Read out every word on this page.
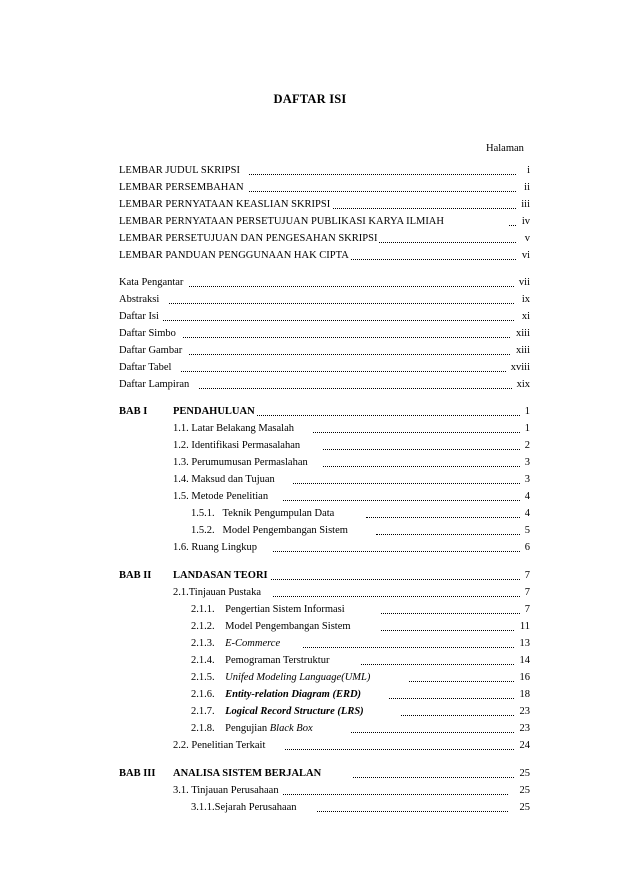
DAFTAR ISI
Halaman
LEMBAR JUDUL SKRIPSI	i
LEMBAR PERSEMBAHAN	ii
LEMBAR PERNYATAAN KEASLIAN SKRIPSI	iii
LEMBAR PERNYATAAN PERSETUJUAN PUBLIKASI KARYA ILMIAH	iv
LEMBAR PERSETUJUAN DAN PENGESAHAN SKRIPSI	v
LEMBAR PANDUAN PENGGUNAAN HAK CIPTA	vi
Kata Pengantar	vii
Abstraksi	ix
Daftar Isi	xi
Daftar Simbo	xiii
Daftar Gambar	xiii
Daftar Tabel	xviii
Daftar Lampiran	xix
BAB I PENDAHULUAN	1
1.1. Latar Belakang Masalah	1
1.2. Identifikasi Permasalahan	2
1.3. Perumumusan Permaslahan	3
1.4. Maksud dan Tujuan	3
1.5. Metode Penelitian	4
1.5.1. Teknik Pengumpulan Data	4
1.5.2. Model Pengembangan Sistem	5
1.6. Ruang Lingkup	6
BAB II LANDASAN TEORI	7
2.1.Tinjauan Pustaka	7
2.1.1. Pengertian Sistem Informasi	7
2.1.2. Model Pengembangan Sistem	11
2.1.3. E-Commerce	13
2.1.4. Pemograman Terstruktur	14
2.1.5. Unifed Modeling Language(UML)	16
2.1.6. Entity-relation Diagram (ERD)	18
2.1.7. Logical Record Structure (LRS)	23
2.1.8. Pengujian Black Box	23
2.2. Penelitian Terkait	24
BAB III ANALISA SISTEM BERJALAN	25
3.1. Tinjauan Perusahaan	25
3.1.1.Sejarah Perusahaan	25
